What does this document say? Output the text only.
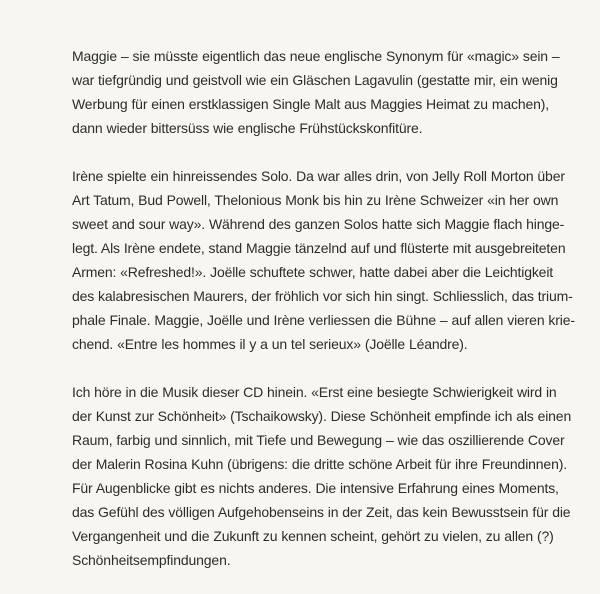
Maggie – sie müsste eigentlich das neue englische Synonym für «magic» sein –
war tiefgründig und geistvoll wie ein Gläschen Lagavulin (gestatte mir, ein wenig
Werbung für einen erstklassigen Single Malt aus Maggies Heimat zu machen),
dann wieder bittersüss wie englische Frühstückskonfitüre.

Irène spielte ein hinreissendes Solo. Da war alles drin, von Jelly Roll Morton über
Art Tatum, Bud Powell, Thelonious Monk bis hin zu Irène Schweizer «in her own
sweet and sour way». Während des ganzen Solos hatte sich Maggie flach hinge-
legt. Als Irène endete, stand Maggie tänzelnd auf und flüsterte mit ausgebreiteten
Armen: «Refreshed!». Joëlle schuftete schwer, hatte dabei aber die Leichtigkeit
des kalabresischen Maurers, der fröhlich vor sich hin singt. Schliesslich, das trium-
phale Finale. Maggie, Joëlle und Irène verliessen die Bühne – auf allen vieren krie-
chend. «Entre les hommes il y a un tel serieux» (Joëlle Léandre).

Ich höre in die Musik dieser CD hinein. «Erst eine besiegte Schwierigkeit wird in
der Kunst zur Schönheit» (Tschaikowsky). Diese Schönheit empfinde ich als einen
Raum, farbig und sinnlich, mit Tiefe und Bewegung – wie das oszillierende Cover
der Malerin Rosina Kuhn (übrigens: die dritte schöne Arbeit für ihre Freundinnen).
Für Augenblicke gibt es nichts anderes. Die intensive Erfahrung eines Moments,
das Gefühl des völligen Aufgehobenseins in der Zeit, das kein Bewusstsein für die
Vergangenheit und die Zukunft zu kennen scheint, gehört zu vielen, zu allen (?)
Schönheitsempfindungen.
